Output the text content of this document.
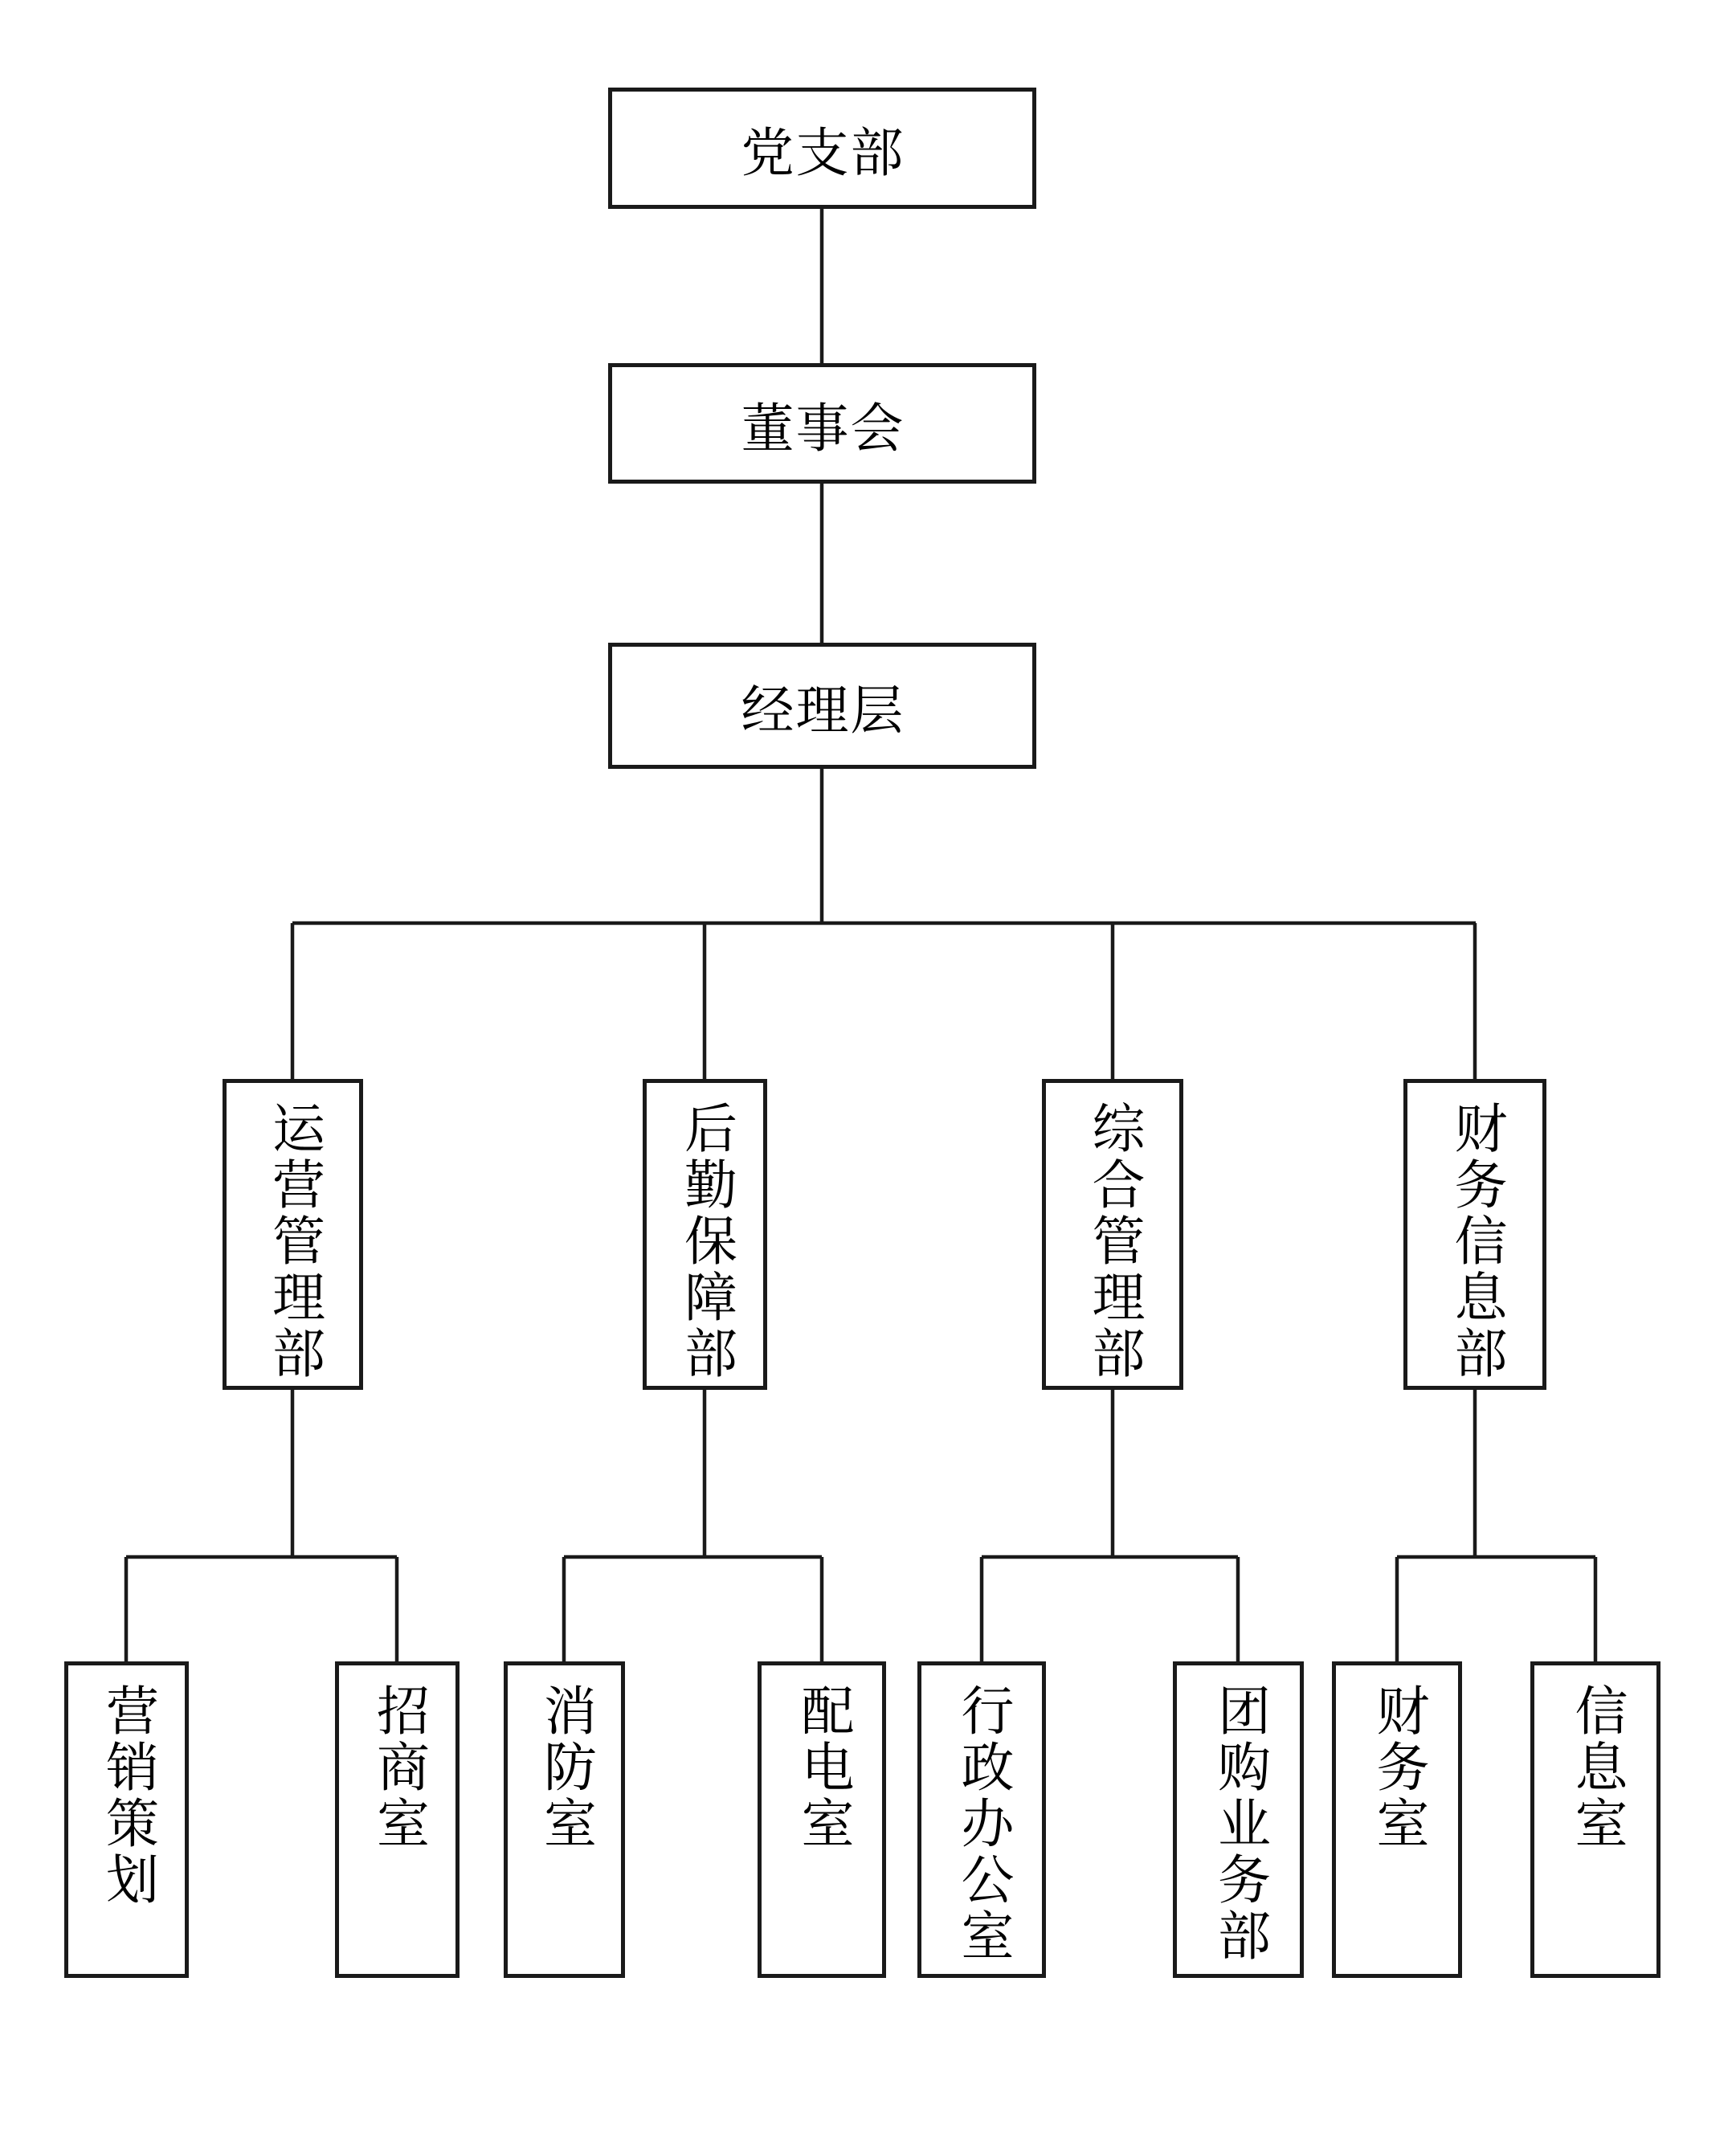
党支部
董事会
经理层
运营管理部	后勤保障部	综合管理部	财务信息部
营销策划	招商室 消防室	配电室 行政办公室	团购业务部 财务室	信息室
